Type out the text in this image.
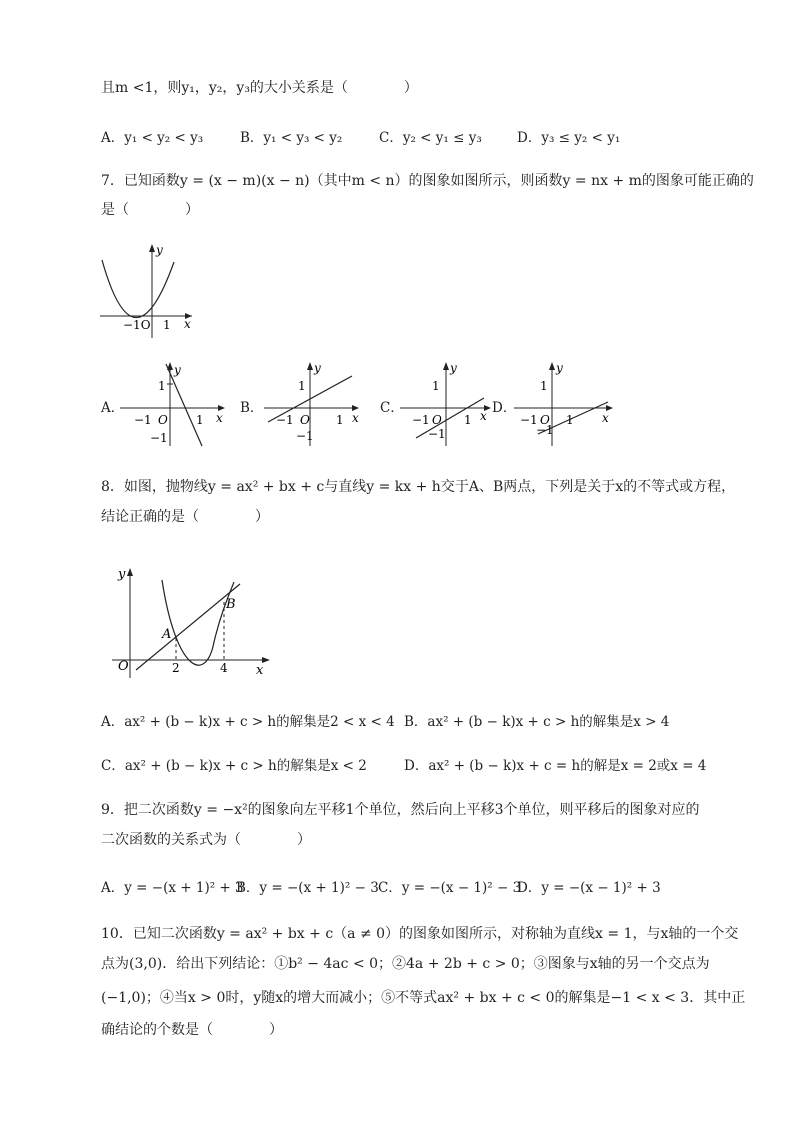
且m <1，则y₁，y₂，y₃的大小关系是（　　　　）
A．y₁ < y₂ < y₃	B．y₁ < y₃ < y₂	C．y₂ < y₁ ≤ y₃	D．y₃ ≤ y₂ < y₁
7．已知函数y = (x − m)(x − n)（其中m < n）的图象如图所示，则函数y = nx + m的图象可能正确的
是（　　　　）
y
x
−1O 1
A．
y
x
1
−1 O 1
−1
B．
y
x
1
−1 O 1
−1
C．
y
x
1
−1 O 1
−1
D．
y
x
1
−1 O 1
−1
8．如图，抛物线y = ax² + bx + c与直线y = kx + h交于A、B两点，下列是关于x的不等式或方程，
结论正确的是（　　　　）
y
x
O
A
B
2	4
A．ax² + (b − k)x + c > h的解集是2 < x < 4 B．ax² + (b − k)x + c > h的解集是x > 4
C．ax² + (b − k)x + c > h的解集是x < 2	D．ax² + (b − k)x + c = h的解是x = 2或x = 4
9．把二次函数y = −x²的图象向左平移1个单位，然后向上平移3个单位，则平移后的图象对应的
二次函数的关系式为（　　　　）
A．y = −(x + 1)² + 3
B．y = −(x + 1)² − 3 C．y = −(x − 1)² − 3
D．y = −(x − 1)² + 3
10．已知二次函数y = ax² + bx + c（a ≠ 0）的图象如图所示，对称轴为直线x = 1，与x轴的一个交
点为(3,0)．给出下列结论：①b² − 4ac < 0；②4a + 2b + c > 0；③图象与x轴的另一个交点为
(−1,0)；④当x > 0时，y随x的增大而减小；⑤不等式ax² + bx + c < 0的解集是−1 < x < 3．其中正
确结论的个数是（　　　　）
